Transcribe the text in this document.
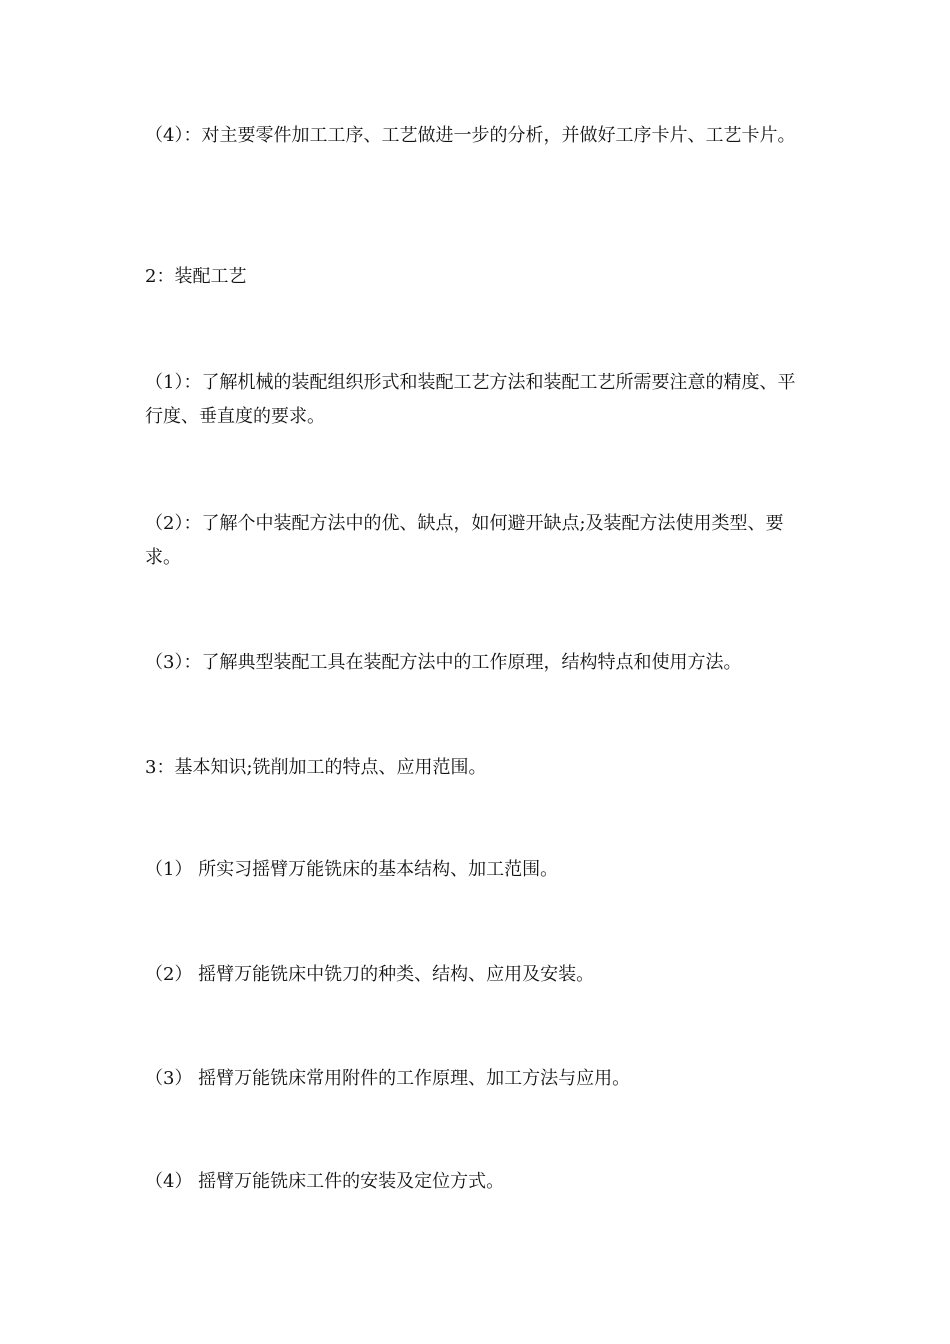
（4）：对主要零件加工工序、工艺做进一步的分析，并做好工序卡片、工艺卡片。

2：装配工艺

（1）：了解机械的装配组织形式和装配工艺方法和装配工艺所需要注意的精度、平行度、垂直度的要求。

（2）：了解个中装配方法中的优、缺点，如何避开缺点;及装配方法使用类型、要求。

（3）：了解典型装配工具在装配方法中的工作原理，结构特点和使用方法。

3：基本知识;铣削加工的特点、应用范围。

（1） 所实习摇臂万能铣床的基本结构、加工范围。

（2） 摇臂万能铣床中铣刀的种类、结构、应用及安装。

（3） 摇臂万能铣床常用附件的工作原理、加工方法与应用。

（4） 摇臂万能铣床工件的安装及定位方式。
